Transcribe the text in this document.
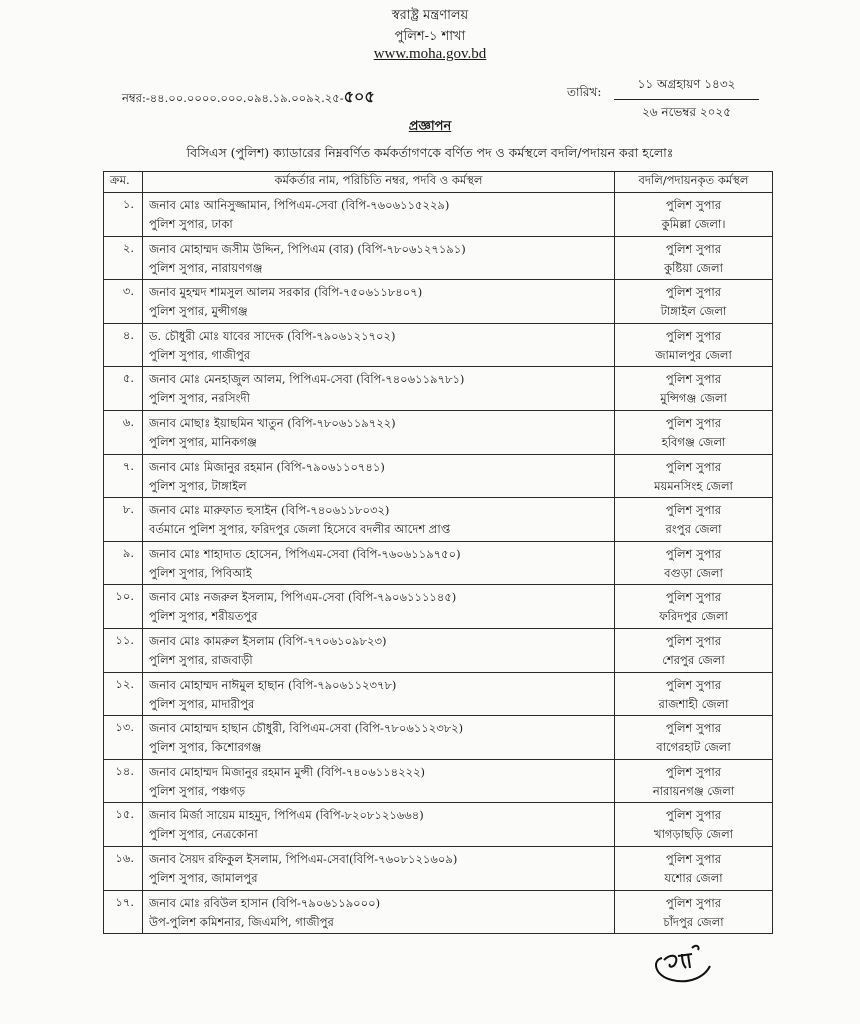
স্বরাষ্ট্র মন্ত্রণালয়
পুলিশ-১ শাখা
www.moha.gov.bd
নম্বর:-৪৪.০০.০০০০.০০০.০৯৪.১৯.০০৯২.২৫-৫০৫	তারিখ:
১১ অগ্রহায়ণ ১৪৩২
২৬ নভেম্বর ২০২৫
প্রজ্ঞাপন
বিসিএস (পুলিশ) ক্যাডারের নিম্নবর্ণিত কর্মকর্তাগণকে বর্ণিত পদ ও কর্মস্থলে বদলি/পদায়ন করা হলোঃ
ক্রম.	কর্মকর্তার নাম, পরিচিতি নম্বর, পদবি ও কর্মস্থল	বদলি/পদায়নকৃত কর্মস্থল
১.	জনাব মোঃ আনিসুজ্জামান, পিপিএম-সেবা (বিপি-৭৬০৬১১৫২২৯)
পুলিশ সুপার, ঢাকা	পুলিশ সুপার
কুমিল্লা জেলা।

২.	জনাব মোহাম্মদ জসীম উদ্দিন, পিপিএম (বার) (বিপি-৭৮০৬১২৭১৯১)
পুলিশ সুপার, নারায়ণগঞ্জ	পুলিশ সুপার
কুষ্টিয়া জেলা

৩.	জনাব মুহম্মদ শামসুল আলম সরকার (বিপি-৭৫০৬১১৮৪০৭)
পুলিশ সুপার, মুন্সীগঞ্জ	পুলিশ সুপার
টাঙ্গাইল জেলা

৪.	ড. চৌধুরী মোঃ যাবের সাদেক (বিপি-৭৯০৬১২১৭০২)
পুলিশ সুপার, গাজীপুর	পুলিশ সুপার
জামালপুর জেলা

৫.	জনাব মোঃ মেনহাজুল আলম, পিপিএম-সেবা (বিপি-৭৪০৬১১৯৭৮১)
পুলিশ সুপার, নরসিংদী	পুলিশ সুপার
মুন্সিগঞ্জ জেলা

৬.	জনাব মোছাঃ ইয়াছমিন খাতুন (বিপি-৭৮০৬১১৯৭২২)
পুলিশ সুপার, মানিকগঞ্জ	পুলিশ সুপার
হবিগঞ্জ জেলা

৭.	জনাব মোঃ মিজানুর রহমান (বিপি-৭৯০৬১১০৭৪১)
পুলিশ সুপার, টাঙ্গাইল	পুলিশ সুপার
ময়মনসিংহ জেলা

৮.	জনাব মোঃ মারুফাত হুসাইন (বিপি-৭৪০৬১১৮০৩২)
বর্তমানে পুলিশ সুপার, ফরিদপুর জেলা হিসেবে বদলীর আদেশ প্রাপ্ত	পুলিশ সুপার
রংপুর জেলা

৯.	জনাব মোঃ শাহাদাত হোসেন, পিপিএম-সেবা (বিপি-৭৬০৬১১৯৭৫০)
পুলিশ সুপার, পিবিআই	পুলিশ সুপার
বগুড়া জেলা

১০.	জনাব মোঃ নজরুল ইসলাম, পিপিএম-সেবা (বিপি-৭৯০৬১১১১৪৫)
পুলিশ সুপার, শরীয়তপুর	পুলিশ সুপার
ফরিদপুর জেলা

১১.	জনাব মোঃ কামরুল ইসলাম (বিপি-৭৭০৬১০৯৮২৩)
পুলিশ সুপার, রাজবাড়ী	পুলিশ সুপার
শেরপুর জেলা

১২.	জনাব মোহাম্মদ নাঈমুল হাছান (বিপি-৭৯০৬১১২৩৭৮)
পুলিশ সুপার, মাদারীপুর	পুলিশ সুপার
রাজশাহী জেলা

১৩.	জনাব মোহাম্মদ হাছান চৌধুরী, বিপিএম-সেবা (বিপি-৭৮০৬১১২৩৮২)
পুলিশ সুপার, কিশোরগঞ্জ	পুলিশ সুপার
বাগেরহাট জেলা

১৪.	জনাব মোহাম্মদ মিজানুর রহমান মুন্সী (বিপি-৭৪০৬১১৪২২২)
পুলিশ সুপার, পঞ্চগড়	পুলিশ সুপার
নারায়নগঞ্জ জেলা

১৫.	জনাব মির্জা সায়েম মাহমুদ, পিপিএম (বিপি-৮২০৮১২১৬৬৪)
পুলিশ সুপার, নেত্রকোনা	পুলিশ সুপার
খাগড়াছড়ি জেলা

১৬.	জনাব সৈয়দ রফিকুল ইসলাম, পিপিএম-সেবা(বিপি-৭৬০৮১২১৬০৯)
পুলিশ সুপার, জামালপুর	পুলিশ সুপার
যশোর জেলা

১৭.	জনাব মোঃ রবিউল হাসান (বিপি-৭৯০৬১১৯০০০)
উপ-পুলিশ কমিশনার, জিএমপি, গাজীপুর	পুলিশ সুপার
চাঁদপুর জেলা
